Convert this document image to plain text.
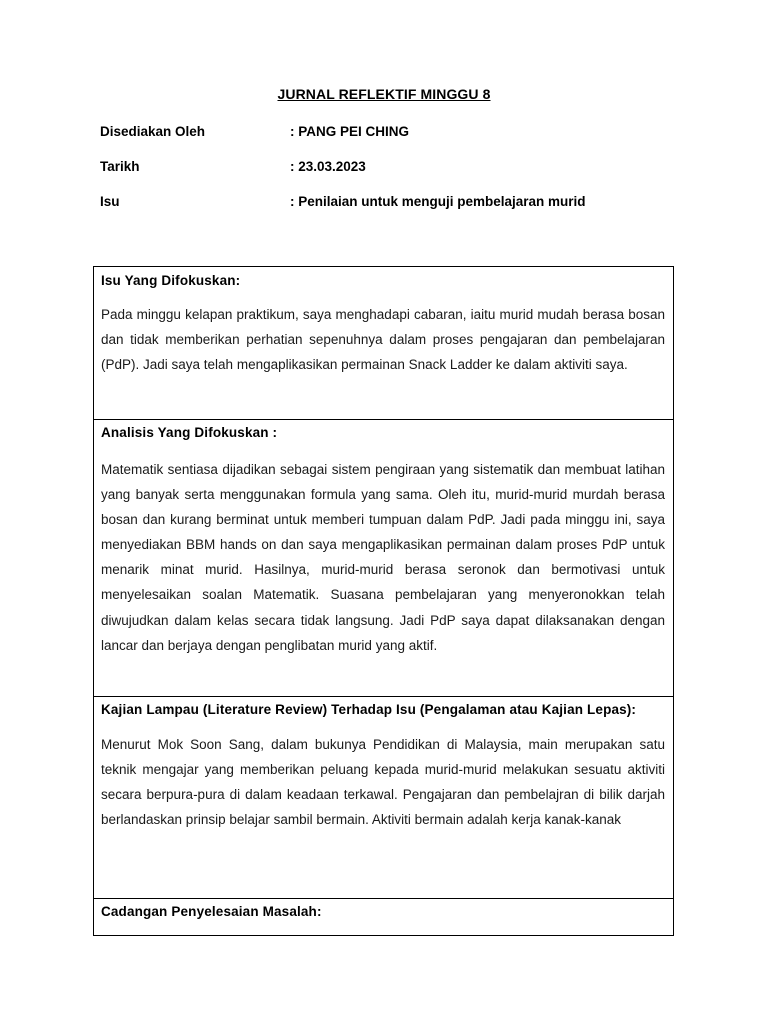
JURNAL REFLEKTIF MINGGU 8
Disediakan Oleh	: PANG PEI CHING
Tarikh	: 23.03.2023
Isu	: Penilaian untuk menguji pembelajaran murid
Isu Yang Difokuskan:
Pada minggu kelapan praktikum, saya menghadapi cabaran, iaitu murid mudah berasa bosan dan tidak memberikan perhatian sepenuhnya dalam proses pengajaran dan pembelajaran (PdP). Jadi saya telah mengaplikasikan permainan Snack Ladder ke dalam aktiviti saya.
Analisis Yang Difokuskan :
Matematik sentiasa dijadikan sebagai sistem pengiraan yang sistematik dan membuat latihan yang banyak serta menggunakan formula yang sama. Oleh itu, murid-murid murdah berasa bosan dan kurang berminat untuk memberi tumpuan dalam PdP. Jadi pada minggu ini, saya menyediakan BBM hands on dan saya mengaplikasikan permainan dalam proses PdP untuk menarik minat murid. Hasilnya, murid-murid berasa seronok dan bermotivasi untuk menyelesaikan soalan Matematik. Suasana pembelajaran yang menyeronokkan telah diwujudkan dalam kelas secara tidak langsung. Jadi PdP saya dapat dilaksanakan dengan lancar dan berjaya dengan penglibatan murid yang aktif.
Kajian Lampau (Literature Review) Terhadap Isu (Pengalaman atau Kajian Lepas):
Menurut Mok Soon Sang, dalam bukunya Pendidikan di Malaysia, main merupakan satu teknik mengajar yang memberikan peluang kepada murid-murid melakukan sesuatu aktiviti secara berpura-pura di dalam keadaan terkawal. Pengajaran dan pembelajran di bilik darjah berlandaskan prinsip belajar sambil bermain. Aktiviti bermain adalah kerja kanak-kanak
Cadangan Penyelesaian Masalah:
